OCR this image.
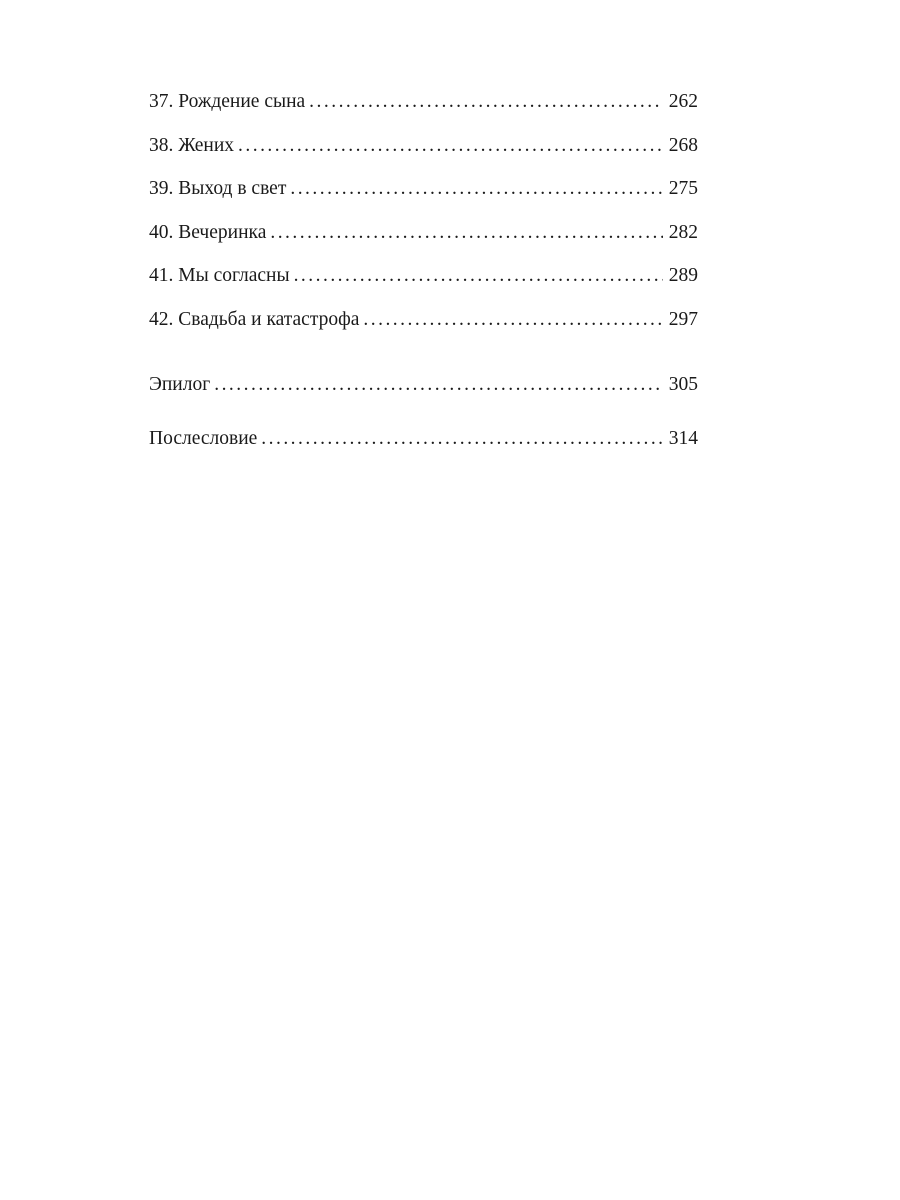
37. Рождение сына . . .	262
38. Жених . . .	268
39. Выход в свет . . .	275
40. Вечеринка . . .	282
41. Мы согласны . . .	289
42. Свадьба и катастрофа . . .	297
Эпилог . . .	305
Послесловие . . .	314
